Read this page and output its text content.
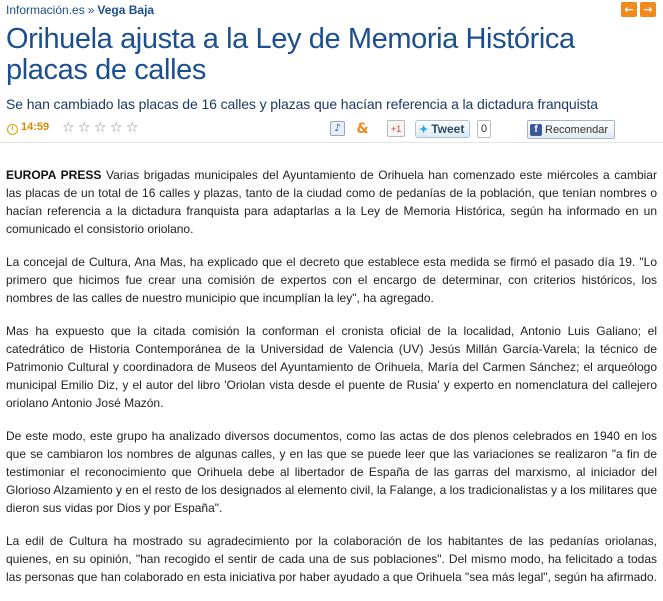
Información.es » Vega Baja	← →
Orihuela ajusta a la Ley de Memoria Histórica placas de calles

Se han cambiado las placas de 16 calles y plazas que hacían referencia a la dictadura franquista

14:59 ☆ ☆ ☆ ☆ ☆	♪	& +1 ✦ Tweet	0	f Recomendar

EUROPA PRESS Varias brigadas municipales del Ayuntamiento de Orihuela han comenzado este miércoles a cambiar las placas de un total de 16 calles y plazas, tanto de la ciudad como de pedanías de la población, que tenían nombres o hacían referencia a la dictadura franquista para adaptarlas a la Ley de Memoria Histórica, según ha informado en un comunicado el consistorio oriolano.

La concejal de Cultura, Ana Mas, ha explicado que el decreto que establece esta medida se firmó el pasado día 19. "Lo primero que hicimos fue crear una comisión de expertos con el encargo de determinar, con criterios históricos, los nombres de las calles de nuestro municipio que incumplían la ley", ha agregado.

Mas ha expuesto que la citada comisión la conforman el cronista oficial de la localidad, Antonio Luis Galiano; el catedrático de Historia Contemporánea de la Universidad de Valencia (UV) Jesús Millán García-Varela; la técnico de Patrimonio Cultural y coordinadora de Museos del Ayuntamiento de Orihuela, María del Carmen Sánchez; el arqueólogo municipal Emilio Diz, y el autor del libro 'Oriolan vista desde el puente de Rusia' y experto en nomenclatura del callejero oriolano Antonio José Mazón.

De este modo, este grupo ha analizado diversos documentos, como las actas de dos plenos celebrados en 1940 en los que se cambiaron los nombres de algunas calles, y en las que se puede leer que las variaciones se realizaron "a fin de testimoniar el reconocimiento que Orihuela debe al libertador de España de las garras del marxismo, al iniciador del Glorioso Alzamiento y en el resto de los designados al elemento civil, la Falange, a los tradicionalistas y a los militares que dieron sus vidas por Dios y por España".

La edil de Cultura ha mostrado su agradecimiento por la colaboración de los habitantes de las pedanías oriolanas, quienes, en su opinión, "han recogido el sentir de cada una de sus poblaciones". Del mismo modo, ha felicitado a todas las personas que han colaborado en esta iniciativa por haber ayudado a que Orihuela "sea más legal", según ha afirmado.
